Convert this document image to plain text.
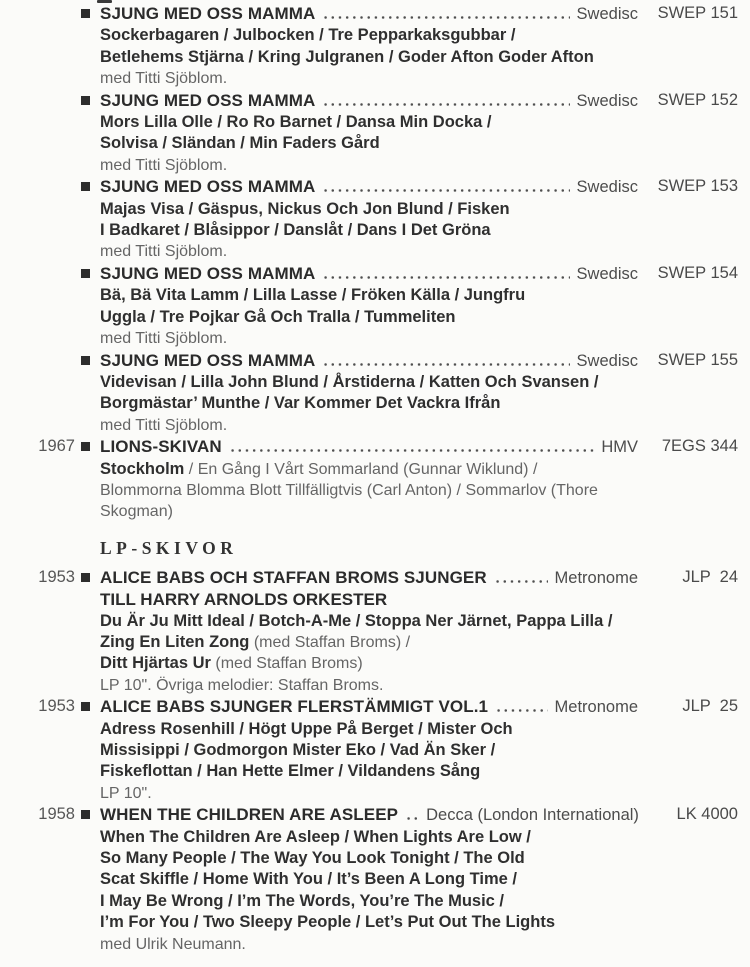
SJUNG MED OSS MAMMA	Swedisc
Sockerbagaren / Julbocken / Tre Pepparkaksgubbar /
Betlehems Stjärna / Kring Julgranen / Goder Afton Goder Afton
med Titti Sjöblom.
SWEP 151
SJUNG MED OSS MAMMA	Swedisc
Mors Lilla Olle / Ro Ro Barnet / Dansa Min Docka /
Solvisa / Sländan / Min Faders Gård
med Titti Sjöblom.
SWEP 152
SJUNG MED OSS MAMMA	Swedisc
Majas Visa / Gäspus, Nickus Och Jon Blund / Fisken
I Badkaret / Blåsippor / Danslåt / Dans I Det Gröna
med Titti Sjöblom.
SWEP 153
SJUNG MED OSS MAMMA	Swedisc
Bä, Bä Vita Lamm / Lilla Lasse / Fröken Källa / Jungfru
Uggla / Tre Pojkar Gå Och Tralla / Tummeliten
med Titti Sjöblom.
SWEP 154
SJUNG MED OSS MAMMA	Swedisc
Videvisan / Lilla John Blund / Årstiderna / Katten Och Svansen /
Borgmästar’ Munthe / Var Kommer Det Vackra Ifrån
med Titti Sjöblom.
SWEP 155
1967 LIONS-SKIVAN	HMV
Stockholm / En Gång I Vårt Sommarland (Gunnar Wiklund) /
Blommorna Blomma Blott Tillfälligtvis (Carl Anton) / Sommarlov (Thore Skogman)
7EGS 344
LP-SKIVOR
1953 ALICE BABS OCH STAFFAN BROMS SJUNGER	Metronome
TILL HARRY ARNOLDS ORKESTER
Du Är Ju Mitt Ideal / Botch-A-Me / Stoppa Ner Järnet, Pappa Lilla /
Zing En Liten Zong (med Staffan Broms) /
Ditt Hjärtas Ur (med Staffan Broms)
LP 10". Övriga melodier: Staffan Broms.
JLP  24
1953 ALICE BABS SJUNGER FLERSTÄMMIGT VOL.1	Metronome
Adress Rosenhill / Högt Uppe På Berget / Mister Och
Missisippi / Godmorgon Mister Eko / Vad Än Sker /
Fiskeflottan / Han Hette Elmer / Vildandens Sång
LP 10".
JLP  25
1958 WHEN THE CHILDREN ARE ASLEEP Decca (London International)
When The Children Are Asleep / When Lights Are Low /
So Many People / The Way You Look Tonight / The Old
Scat Skiffle / Home With You / It’s Been A Long Time /
I May Be Wrong / I’m The Words, You’re The Music /
I’m For You / Two Sleepy People / Let’s Put Out The Lights
med Ulrik Neumann.
LK 4000
